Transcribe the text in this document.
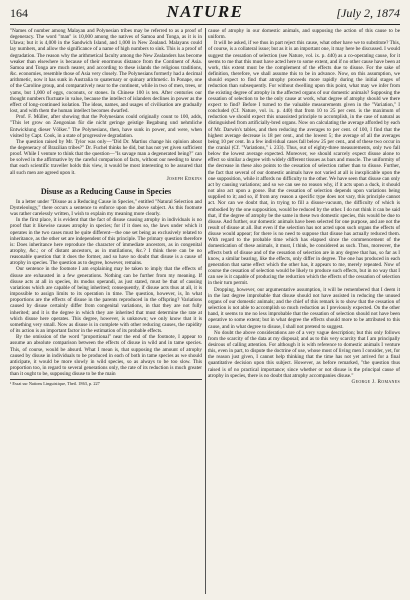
164	NATURE	[July 2, 1874

"Names of number among Malayan and Polynesian tribes may be referred to as a proof of degeneracy. The word "man" is 10,000 among the natives of Samoa and Tonga, as it is in Ulawa; but it is 4,000 in the Sandwich Island, and 1,000 in New Zealand. Malayans could lay numbers, and allow the significance of a name of high numbers to sink. This is a proof of degradation. The reason why the arithmetical faculty among the New Zealanders has become weaker than elsewhere is because of their enormous distance from the Continent of Asia. Samoa and Tonga are much nearer, and according to these islands the religious traditions, &c. economies, resemble those of Asia very closely. The Polynesians formerly had a decimal arithmetic, now it has sunk in Australia to quaternary or quinary arithmetic. In Ponape, one of the Caroline group, and comparatively near to the continent, while in two of men, trees, or yams, but 1,000 of eggs, coconuts, or stones. In Chinese 100 is ten. After centuries our thought numbers fluctuate in value, because the intellect of islanders declines in power as the effect of long-continued isolation. The ideas, names, and usages of civilisation are gradually lost, and with them the human intellect becomes dwarfed.

Prof. F. Müller, after showing that the Polynesians could originally count to 100, adds, "This let grow on Zengonian für die nicht geringe geistige Begabung und nehmliche Entwicklung dieser Völker." The Polynesians, then, have sunk in power, and were, when visited by Capt. Cook, in a state of progressive degradation.

The question raised by Mr. Tylor was only—"Did Dr. Martius change his opinion about the degeneracy of Brazilian tribes?" Dr. Fuchel thinks he did, but has not yet given sufficient proof. While I venture to think that the question—"Is savage man a degenerated being?" can be solved in the affirmative by the careful comparison of facts, without our needing to know that each scientific traveller holds this view, it would be most interesting to be assured that all such men are agreed upon it.

Joseph Edkins
Disuse as a Reducing Cause in Species

In a letter under "Disuse as a Reducing Cause in Species," entitled "Natural Selection and Dysteleology," there occurs a sentence to enforce upon the above subject. As this footnote was rather carelessly written, I wish to explain my meaning more clearly.

In the first place, it is evident that the fact of disuse causing atrophy in individuals is no proof that it likewise causes atrophy in species; for if it does so, the laws under which it operates in the two cases must be quite different—the one set being as exclusively related to inheritance, as the other set are independent of this principle. The primary question therefore is: Does inheritance here reproduce the character of immediate ancestors, as in congenital atrophy, &c.; or of distant ancestors, as in mutilations, &c.? I think there can be no reasonable question that it does the former, and so have no doubt that disuse is a cause of atrophy in species. The question as to degree, however, remains.

Our sentence in the footnote I am explaining may be taken to imply that the effects of disuse are exhausted in a few generations. Nothing can be further from my meaning. If disuse acts at all in species, its modus operandi, as just stated, must be that of causing variations which are capable of being inherited; consequently, if disuse acts thus at all, it is impossible to assign limits to its operation in time. The question, however, is, In what proportions are the effects of disuse in the parents reproduced in the offspring? Variations caused by disuse certainly differ from congenital variations, in that they are not fully inherited; and it is the degree in which they are inherited that must determine the rate at which disuse here operates. This degree, however, is unknown; we only know that it is something very small. Now as disuse is in complete with other reducing causes, the rapidity of its action is an important factor in the estimation of its probable effects.

By the omission of the word "proportional" near the end of the footnote, I appear to assume an absolute comparison between the effects of disuse in wild and in tame species. This, of course, would be absurd. What I mean is, that supposing the amount of atrophy caused by disuse in individuals to be produced in each of both in tame species as we should anticipate, it would be more slowly in wild species, so as always to be too slow. This proportion too, in regard to several generations only, the rate of its reduction is much greater than it ought to be, supposing disuse to be the main

¹ Essai sur Nations Linguistique, Theil. 1863, p. 227

cause of atrophy in our domestic animals, and supposing the action of this cause to be uniform.

It will be asked, if we thus in part reject this cause, what other have we to substitute? This, of course, is a collateral issue; but as it is an important one, it may here be discussed. I would suggest the cessation of selection (see Nature, vol. ix. p. 440) as a co-operating cause, for it seems to me that this must have acted here to some extent, and if no other cause have been at work, this extent must be the complement of the effects due to disuse. For the sake of definition, therefore, we shall assume this to be in advance. Now, on this assumption, we should expect to find that atrophy proceeds more rapidly during the initial stages of reduction than subsequently. For without dwelling upon this point, what may we infer from the existing degree of atrophy in the affected organs of our domestic animals? Supposing the cessation of selection to be the only cause at work, what degree of atrophy should we there expect to find? Before I turned to the valuable measurements given in the "Variation," I concluded (Cf. Nature, vol. ix. p. 440) that from 10 to 25 per cent. is the maximum of reduction we should expect this unassisted principle to accomplish, in the case of natural as distinguished from artificially-bred organs. Now on calculating the average afforded by each of Mr. Darwin's tables, and then reducing the averages to per cent. of 100, I find that the highest average decrease is 18 per cent., and the lowest 5; the average of all the averages being 10 per cent. In a few individual cases fall below 25 per cent., and of these two occur in the cranial (Cf. "Variations," i. 233). Thus, out of eighty-three measurements, only two fall below the lowest average expected. Moreover, we should scarcely expect disuse alone to effect so similar a degree with widely different tissues as bars and muscle. The uniformity of the decrease in these also points to the cessation of selection rather than to disuse. Further, the fact that several of our domestic animals have not varied at all is inexplicable upon the one supposition, while it affords no difficulty to the other. We have seen that disuse can only act by causing variations; and so we can see no reason why, if it acts upon a duck, it should not also act upon a goose. But the cessation of selection depends upon variations being supplied to it; and so, if from any reason a specific type does not vary, this principle cannot act. Nor can we doubt that, in trying to fill a disuse-vacuum, the difficulty of which is embodied by the one supposition, would be reduced by the other. I do not think it can be said that, if the degree of atrophy be the same in these two domestic species, this would be due to disuse. And further, our domestic animals have been selected for one purpose, and are not the result of disuse at all. But even if the selection has not acted upon such organs the effects of disuse would appear; for there is no need to suppose that disuse has actually reduced them. With regard to the probable time which has elapsed since the commencement of the domestication of these animals, it must, I think, be considered as such. Thus, moreover, the effects both of disuse and of the cessation of selection are in any degree that has, so far as I know, a similar bearing, like the effects, only differ in degree. The one has produced in each generation that same effect which the other has, it appears to me, merely repeated. Now of course the cessation of selection would be likely to produce such effects, but in no way that I can see is it capable of producing the reduction which the effects of the cessation of selection in their turn permit.

Dropping, however, our argumentative assumption, it will be remembered that I deem it in the last degree improbable that disuse should not have assisted in reducing the unused organs of our domestic animals; and the chief of this remark is to show that the cessation of selection is not able to accomplish so much reduction as I previously expected. On the other hand, it seems to me no less improbable that the cessation of selection should not have been operative to some extent; but in what degree the effects should more to be attributed to this cause, and in what degree to disuse, I shall not pretend to suggest.

No doubt the above considerations are of a very vague description; but this only follows from the scarcity of the data at my disposal; and as to this very scarcity that I am principally desirous of calling attention. For although it is with reference to domestic animals I venture this, even in part, to dispute the doctrine of use, whose most of living men I consider, yet, for the reason just given, I cannot help thinking that the time has not yet arrived for a final quantitative decision upon this subject. However, as before remarked, "the question thus raised is of no practical importance; since whether or not disuse is the principal cause of atrophy in species, there is no doubt that atrophy accompanies disuse."

George J. Romanes
